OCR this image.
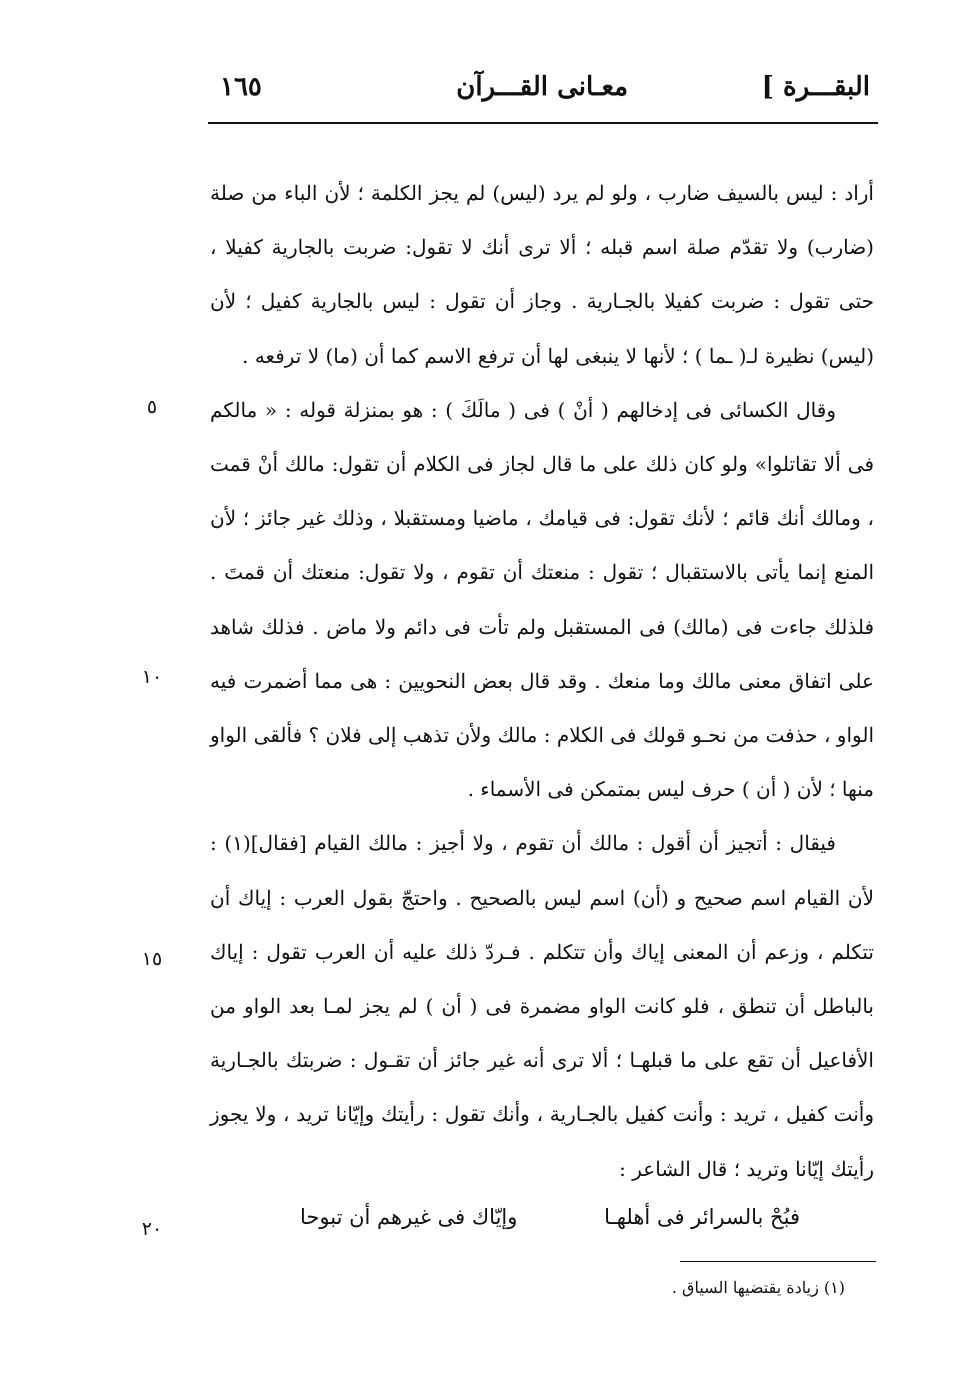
البقـــرة ]
معـانى القـــرآن
١٦٥

أراد : ليس بالسيف ضارب ، ولو لم يرد (ليس) لم يجز الكلمة ؛ لأن الباء من صلة (ضارب) ولا تقدّم صلة اسم قبله ؛ ألا ترى أنك لا تقول: ضربت بالجارية كفيلا ، حتى تقول : ضربت كفيلا بالجـارية . وجاز أن تقول : ليس بالجارية كفيل ؛ لأن (ليس) نظيرة لـ( ـما ) ؛ لأنها لا ينبغى لها أن ترفع الاسم كما أن (ما) لا ترفعه .

وقال الكسائى فى إدخالهم ( أنْ ) فى ( مالَكَ ) : هو بمنزلة قوله : « مالكم فى ألا تقاتلوا» ولو كان ذلك على ما قال لجاز فى الكلام أن تقول: مالك أنْ قمت ، ومالك أنك قائم ؛ لأنك تقول: فى قيامك ، ماضيا ومستقبلا ، وذلك غير جائز ؛ لأن المنع إنما يأتى بالاستقبال ؛ تقول : منعتك أن تقوم ، ولا تقول: منعتك أن قمتَ . فلذلك جاءت فى (مالك) فى المستقبل ولم تأت فى دائم ولا ماض . فذلك شاهد على اتفاق معنى مالك وما منعك . وقد قال بعض النحويين : هى مما أضمرت فيه الواو ، حذفت من نحـو قولك فى الكلام : مالك ولأن تذهب إلى فلان ؟ فألقى الواو منها ؛ لأن ( أن ) حرف ليس بمتمكن فى الأسماء .

فيقال : أتجيز أن أقول : مالك أن تقوم ، ولا أجيز : مالك القيام [فقال](١) : لأن القيام اسم صحيح و (أن) اسم ليس بالصحيح . واحتجّ بقول العرب : إياك أن تتكلم ، وزعم أن المعنى إياك وأن تتكلم . فـردّ ذلك عليه أن العرب تقول : إياك بالباطل أن تنطق ، فلو كانت الواو مضمرة فى ( أن ) لم يجز لمـا بعد الواو من الأفاعيل أن تقع على ما قبلهـا ؛ ألا ترى أنه غير جائز أن تقـول : ضربتك بالجـارية وأنت كفيل ، تريد : وأنت كفيل بالجـارية ، وأنك تقول : رأيتك وإيّانا تريد ، ولا يجوز رأيتك إيّانا وتريد ؛ قال الشاعر :

٥
١٠
١٥
٢٠	فبُحْ بالسرائر فى أهلهـا
وإيّاك فى غيرهم أن تبوحا
(١) زيادة يقتضيها السياق .
